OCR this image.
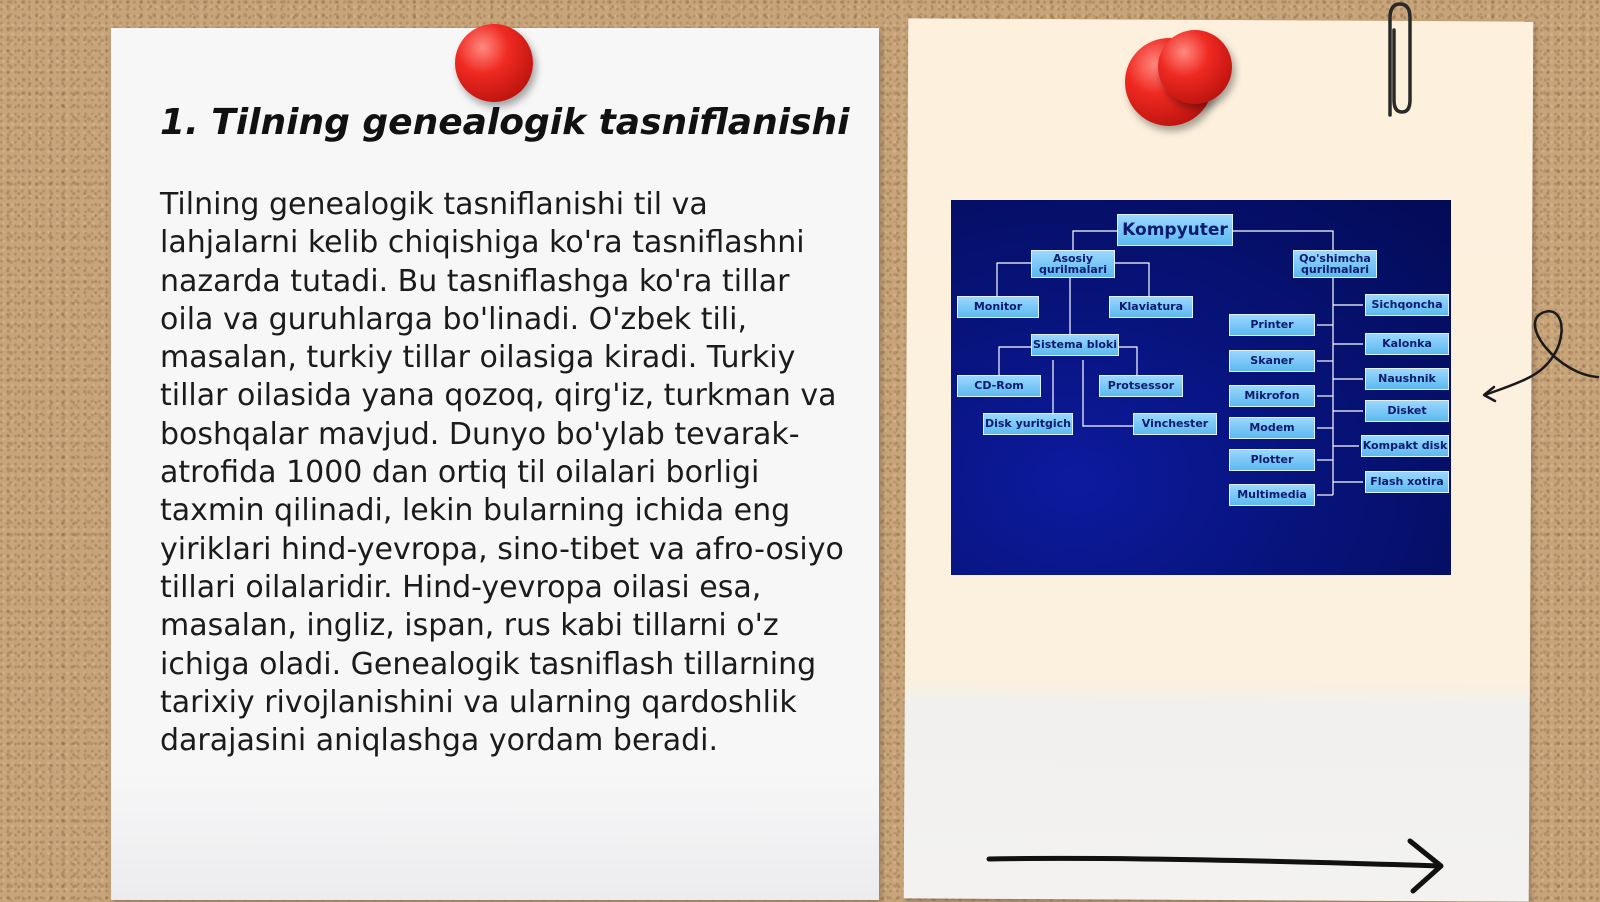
1. Tilning genealogik tasniflanishi

Tilning genealogik tasniflanishi til va lahjalarni kelib chiqishiga ko'ra tasniflashni nazarda tutadi. Bu tasniflashga ko'ra tillar oila va guruhlarga bo'linadi. O'zbek tili, masalan, turkiy tillar oilasiga kiradi. Turkiy tillar oilasida yana qozoq, qirg'iz, turkman va boshqalar mavjud. Dunyo bo'ylab tevarak-atrofida 1000 dan ortiq til oilalari borligi taxmin qilinadi, lekin bularning ichida eng yiriklari hind-yevropa, sino-tibet va afro-osiyo tillari oilalaridir. Hind-yevropa oilasi esa, masalan, ingliz, ispan, rus kabi tillarni o'z ichiga oladi. Genealogik tasniflash tillarning tarixiy rivojlanishini va ularning qardoshlik darajasini aniqlashga yordam beradi.

Kompyuter
Asosiy qurilmalari
Qo'shimcha qurilmalari
Monitor	Klaviatura
Sistema bloki
CD-Rom	Protsessor
Disk yuritgich	Vinchester
Printer
Skaner
Mikrofon
Modem
Plotter
Multimedia
Sichqoncha
Kalonka
Naushnik
Disket
Kompakt disk
Flash xotira
